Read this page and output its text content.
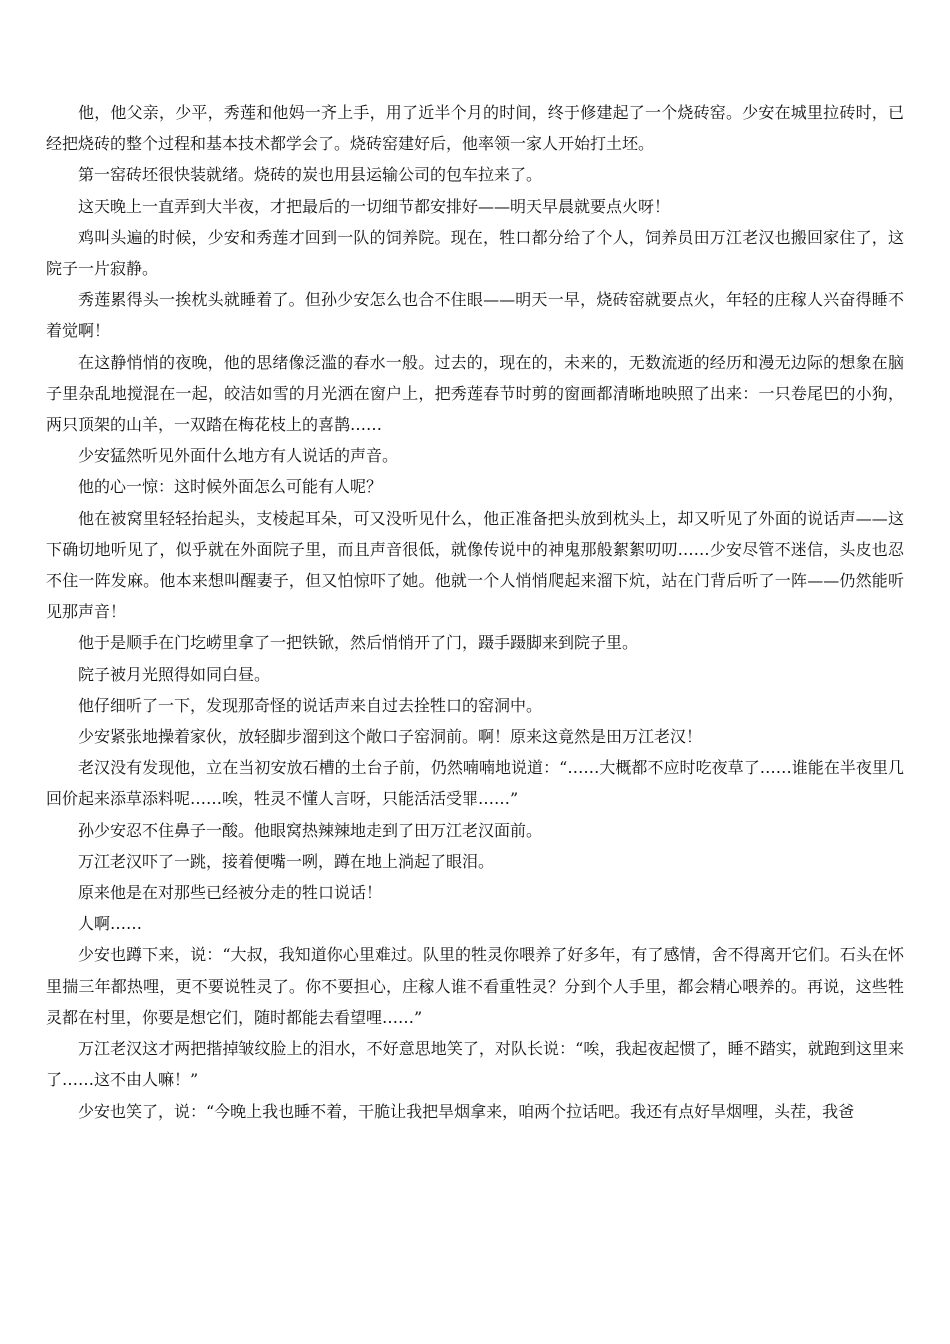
他，他父亲，少平，秀莲和他妈一齐上手，用了近半个月的时间，终于修建起了一个烧砖窑。少安在城里拉砖时，已经把烧砖的整个过程和基本技术都学会了。烧砖窑建好后，他率领一家人开始打土坯。

第一窑砖坯很快装就绪。烧砖的炭也用县运输公司的包车拉来了。

这天晚上一直弄到大半夜，才把最后的一切细节都安排好——明天早晨就要点火呀！

鸡叫头遍的时候，少安和秀莲才回到一队的饲养院。现在，牲口都分给了个人，饲养员田万江老汉也搬回家住了，这院子一片寂静。

秀莲累得头一挨枕头就睡着了。但孙少安怎么也合不住眼——明天一早，烧砖窑就要点火，年轻的庄稼人兴奋得睡不着觉啊！

在这静悄悄的夜晚，他的思绪像泛滥的春水一般。过去的，现在的，未来的，无数流逝的经历和漫无边际的想象在脑子里杂乱地搅混在一起，皎洁如雪的月光洒在窗户上，把秀莲春节时剪的窗画都清晰地映照了出来：一只卷尾巴的小狗，两只顶架的山羊，一双踏在梅花枝上的喜鹊……

少安猛然听见外面什么地方有人说话的声音。

他的心一惊：这时候外面怎么可能有人呢？

他在被窝里轻轻抬起头，支棱起耳朵，可又没听见什么，他正准备把头放到枕头上，却又听见了外面的说话声——这下确切地听见了，似乎就在外面院子里，而且声音很低，就像传说中的神鬼那般絮絮叨叨……少安尽管不迷信，头皮也忍不住一阵发麻。他本来想叫醒妻子，但又怕惊吓了她。他就一个人悄悄爬起来溜下炕，站在门背后听了一阵——仍然能听见那声音！

他于是顺手在门圪崂里拿了一把铁锨，然后悄悄开了门，蹑手蹑脚来到院子里。

院子被月光照得如同白昼。

他仔细听了一下，发现那奇怪的说话声来自过去拴牲口的窑洞中。

少安紧张地操着家伙，放轻脚步溜到这个敞口子窑洞前。啊！原来这竟然是田万江老汉！

老汉没有发现他，立在当初安放石槽的土台子前，仍然喃喃地说道：“……大概都不应时吃夜草了……谁能在半夜里几回价起来添草添料呢……唉，牲灵不懂人言呀，只能活活受罪……”

孙少安忍不住鼻子一酸。他眼窝热辣辣地走到了田万江老汉面前。

万江老汉吓了一跳，接着便嘴一咧，蹲在地上淌起了眼泪。

原来他是在对那些已经被分走的牲口说话！

人啊……

少安也蹲下来，说：“大叔，我知道你心里难过。队里的牲灵你喂养了好多年，有了感情，舍不得离开它们。石头在怀里揣三年都热哩，更不要说牲灵了。你不要担心，庄稼人谁不看重牲灵？分到个人手里，都会精心喂养的。再说，这些牲灵都在村里，你要是想它们，随时都能去看望哩……”

万江老汉这才两把揩掉皱纹脸上的泪水，不好意思地笑了，对队长说：“唉，我起夜起惯了，睡不踏实，就跑到这里来了……这不由人嘛！”

少安也笑了，说：“今晚上我也睡不着，干脆让我把旱烟拿来，咱两个拉话吧。我还有点好旱烟哩，头茬，我爸
